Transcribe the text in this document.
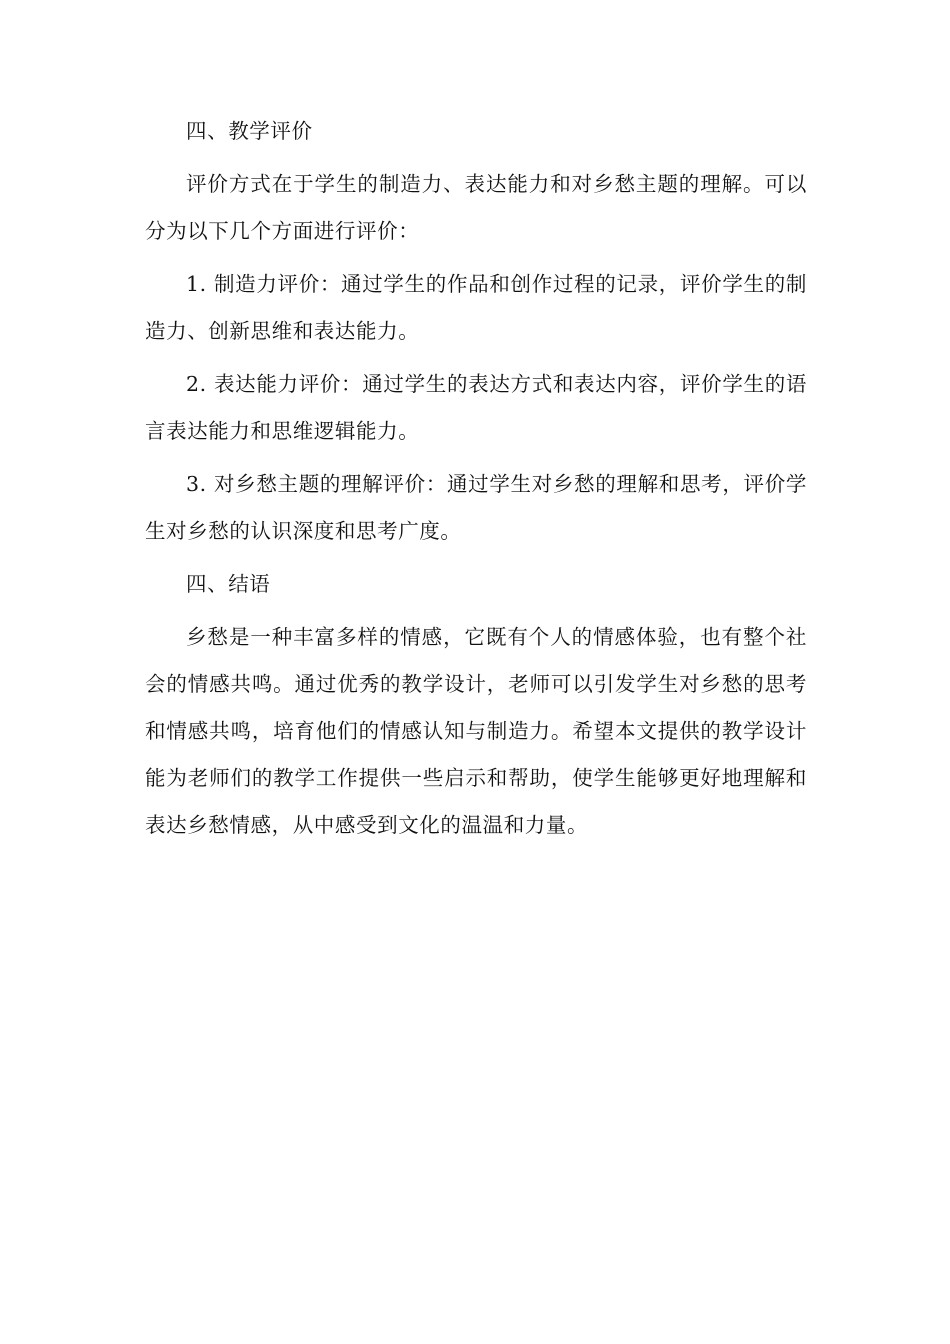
四、教学评价

评价方式在于学生的制造力、表达能力和对乡愁主题的理解。可以分为以下几个方面进行评价：

1. 制造力评价：通过学生的作品和创作过程的记录，评价学生的制造力、创新思维和表达能力。

2. 表达能力评价：通过学生的表达方式和表达内容，评价学生的语言表达能力和思维逻辑能力。

3. 对乡愁主题的理解评价：通过学生对乡愁的理解和思考，评价学生对乡愁的认识深度和思考广度。

四、结语

乡愁是一种丰富多样的情感，它既有个人的情感体验，也有整个社会的情感共鸣。通过优秀的教学设计，老师可以引发学生对乡愁的思考和情感共鸣，培育他们的情感认知与制造力。希望本文提供的教学设计能为老师们的教学工作提供一些启示和帮助，使学生能够更好地理解和表达乡愁情感，从中感受到文化的温温和力量。
